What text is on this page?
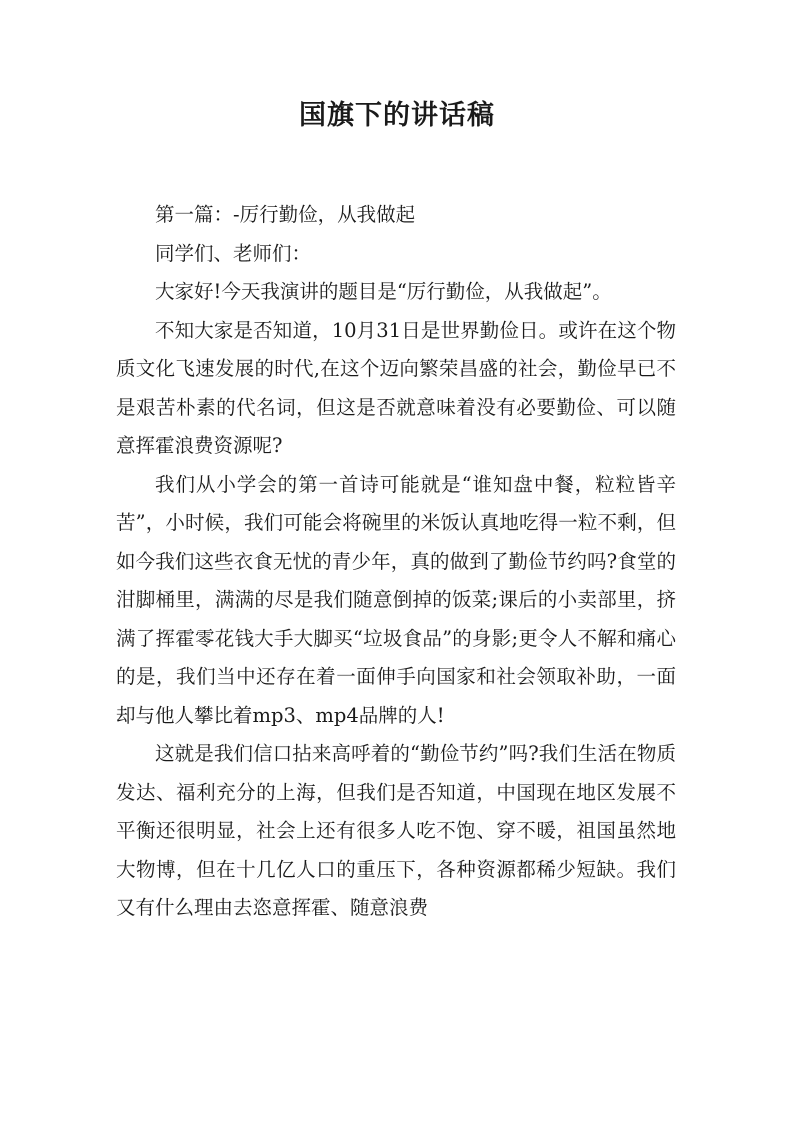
国旗下的讲话稿

第一篇：-厉行勤俭，从我做起

同学们、老师们：

大家好!今天我演讲的题目是“厉行勤俭，从我做起”。

不知大家是否知道，10月31日是世界勤俭日。或许在这个物质文化飞速发展的时代,在这个迈向繁荣昌盛的社会，勤俭早已不是艰苦朴素的代名词，但这是否就意味着没有必要勤俭、可以随意挥霍浪费资源呢?

我们从小学会的第一首诗可能就是“谁知盘中餐，粒粒皆辛苦”，小时候，我们可能会将碗里的米饭认真地吃得一粒不剩，但如今我们这些衣食无忧的青少年，真的做到了勤俭节约吗?食堂的泔脚桶里，满满的尽是我们随意倒掉的饭菜;课后的小卖部里，挤满了挥霍零花钱大手大脚买“垃圾食品”的身影;更令人不解和痛心的是，我们当中还存在着一面伸手向国家和社会领取补助，一面却与他人攀比着mp3、mp4品牌的人!

这就是我们信口拈来高呼着的“勤俭节约”吗?我们生活在物质发达、福利充分的上海，但我们是否知道，中国现在地区发展不平衡还很明显，社会上还有很多人吃不饱、穿不暖，祖国虽然地大物博，但在十几亿人口的重压下，各种资源都稀少短缺。我们又有什么理由去恣意挥霍、随意浪费
